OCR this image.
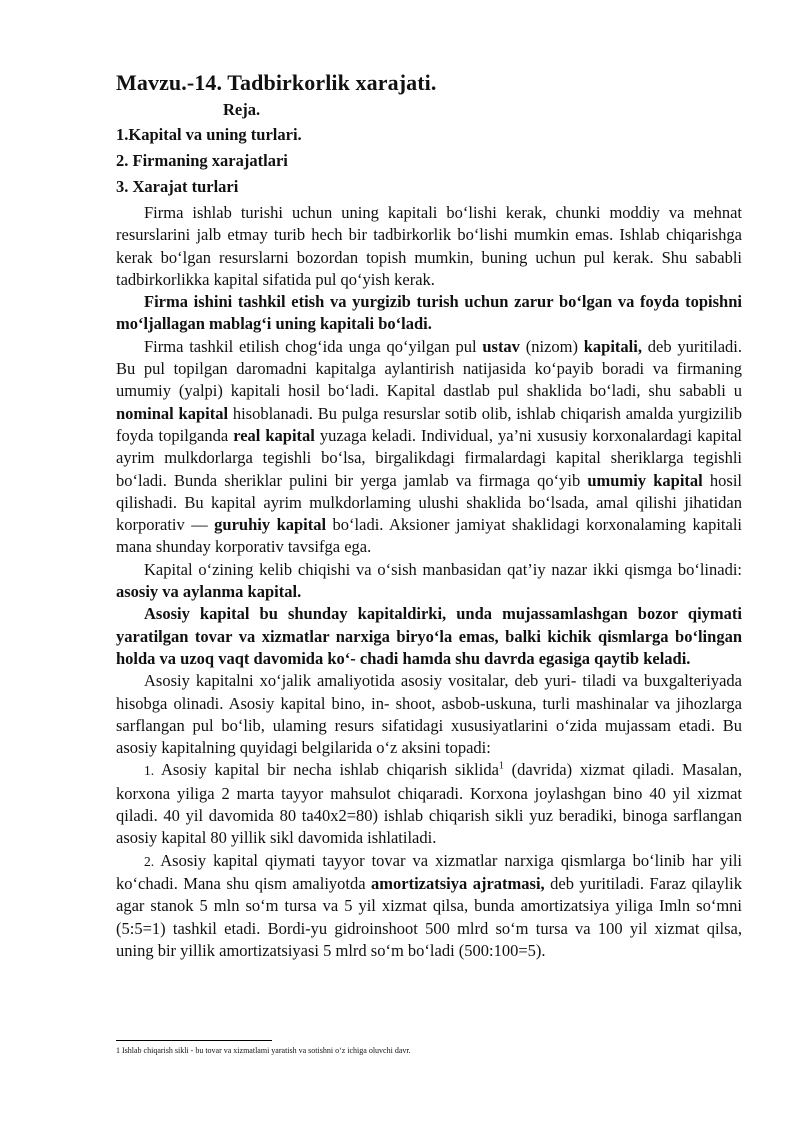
Mavzu.-14. Tadbirkorlik xarajati.
Reja.
1.Kapital va uning turlari.
2. Firmaning xarajatlari
3. Xarajat turlari

Firma ishlab turishi uchun uning kapitali bo‘lishi kerak, chunki moddiy va mehnat resurslarini jalb etmay turib hech bir tadbirkorlik bo‘lishi mumkin emas. Ishlab chiqarishga kerak bo‘lgan resurslarni bozordan topish mumkin, buning uchun pul kerak. Shu sababli tadbirkorlikka kapital sifatida pul qo‘yish kerak.

Firma ishini tashkil etish va yurgizib turish uchun zarur bo‘lgan va foyda topishni mo‘ljallagan mablag‘i uning kapitali bo‘ladi.

Firma tashkil etilish chog‘ida unga qo‘yilgan pul ustav (nizom) kapitali, deb yuritiladi. Bu pul topilgan daromadni kapitalga aylantirish natijasida ko‘payib boradi va firmaning umumiy (yalpi) kapitali hosil bo‘ladi. Kapital dastlab pul shaklida bo‘ladi, shu sababli u nominal kapital hisoblanadi. Bu pulga resurslar sotib olib, ishlab chiqarish amalda yurgizilib foyda topilganda real kapital yuzaga keladi. Individual, ya’ni xususiy korxonalardagi kapital ayrim mulkdorlarga tegishli bo‘lsa, birgalikdagi firmalardagi kapital sheriklarga tegishli bo‘ladi. Bunda sheriklar pulini bir yerga jamlab va firmaga qo‘yib umumiy kapital hosil qilishadi. Bu kapital ayrim mulkdorlaming ulushi shaklida bo‘lsada, amal qilishi jihatidan korporativ — guruhiy kapital bo‘ladi. Aksioner jamiyat shaklidagi korxonalaming kapitali mana shunday korporativ tavsifga ega.

Kapital o‘zining kelib chiqishi va o‘sish manbasidan qat’iy nazar ikki qismga bo‘linadi: asosiy va aylanma kapital.

Asosiy kapital bu shunday kapitaldirki, unda mujassamlashgan bozor qiymati yaratilgan tovar va xizmatlar narxiga biryo‘la emas, balki kichik qismlarga bo‘lingan holda va uzoq vaqt davomida ko‘- chadi hamda shu davrda egasiga qaytib keladi.

Asosiy kapitalni xo‘jalik amaliyotida asosiy vositalar, deb yuri- tiladi va buxgalteriyada hisobga olinadi. Asosiy kapital bino, in- shoot, asbob-uskuna, turli mashinalar va jihozlarga sarflangan pul bo‘lib, ulaming resurs sifatidagi xususiyatlarini o‘zida mujassam etadi. Bu asosiy kapitalning quyidagi belgilarida o‘z aksini topadi:

1. Asosiy kapital bir necha ishlab chiqarish siklida$^1$ (davrida) xizmat qiladi. Masalan, korxona yiliga 2 marta tayyor mahsulot chiqaradi. Korxona joylashgan bino 40 yil xizmat qiladi. 40 yil davomida 80 ta40x2=80) ishlab chiqarish sikli yuz beradiki, binoga sarflangan asosiy kapital 80 yillik sikl davomida ishlatiladi.

2. Asosiy kapital qiymati tayyor tovar va xizmatlar narxiga qismlarga bo‘linib har yili ko‘chadi. Mana shu qism amaliyotda amortizatsiya ajratmasi, deb yuritiladi. Faraz qilaylik agar stanok 5 mln so‘m tursa va 5 yil xizmat qilsa, bunda amortizatsiya yiliga Imln so‘mni (5:5=1) tashkil etadi. Bordi-yu gidroinshoot 500 mlrd so‘m tursa va 100 yil xizmat qilsa, uning bir yillik amortizatsiyasi 5 mlrd so‘m bo‘ladi (500:100=5).

1 Ishlab chiqarish sikli - bu tovar va xizmatlami yaratish va sotishni o‘z ichiga oluvchi davr.
